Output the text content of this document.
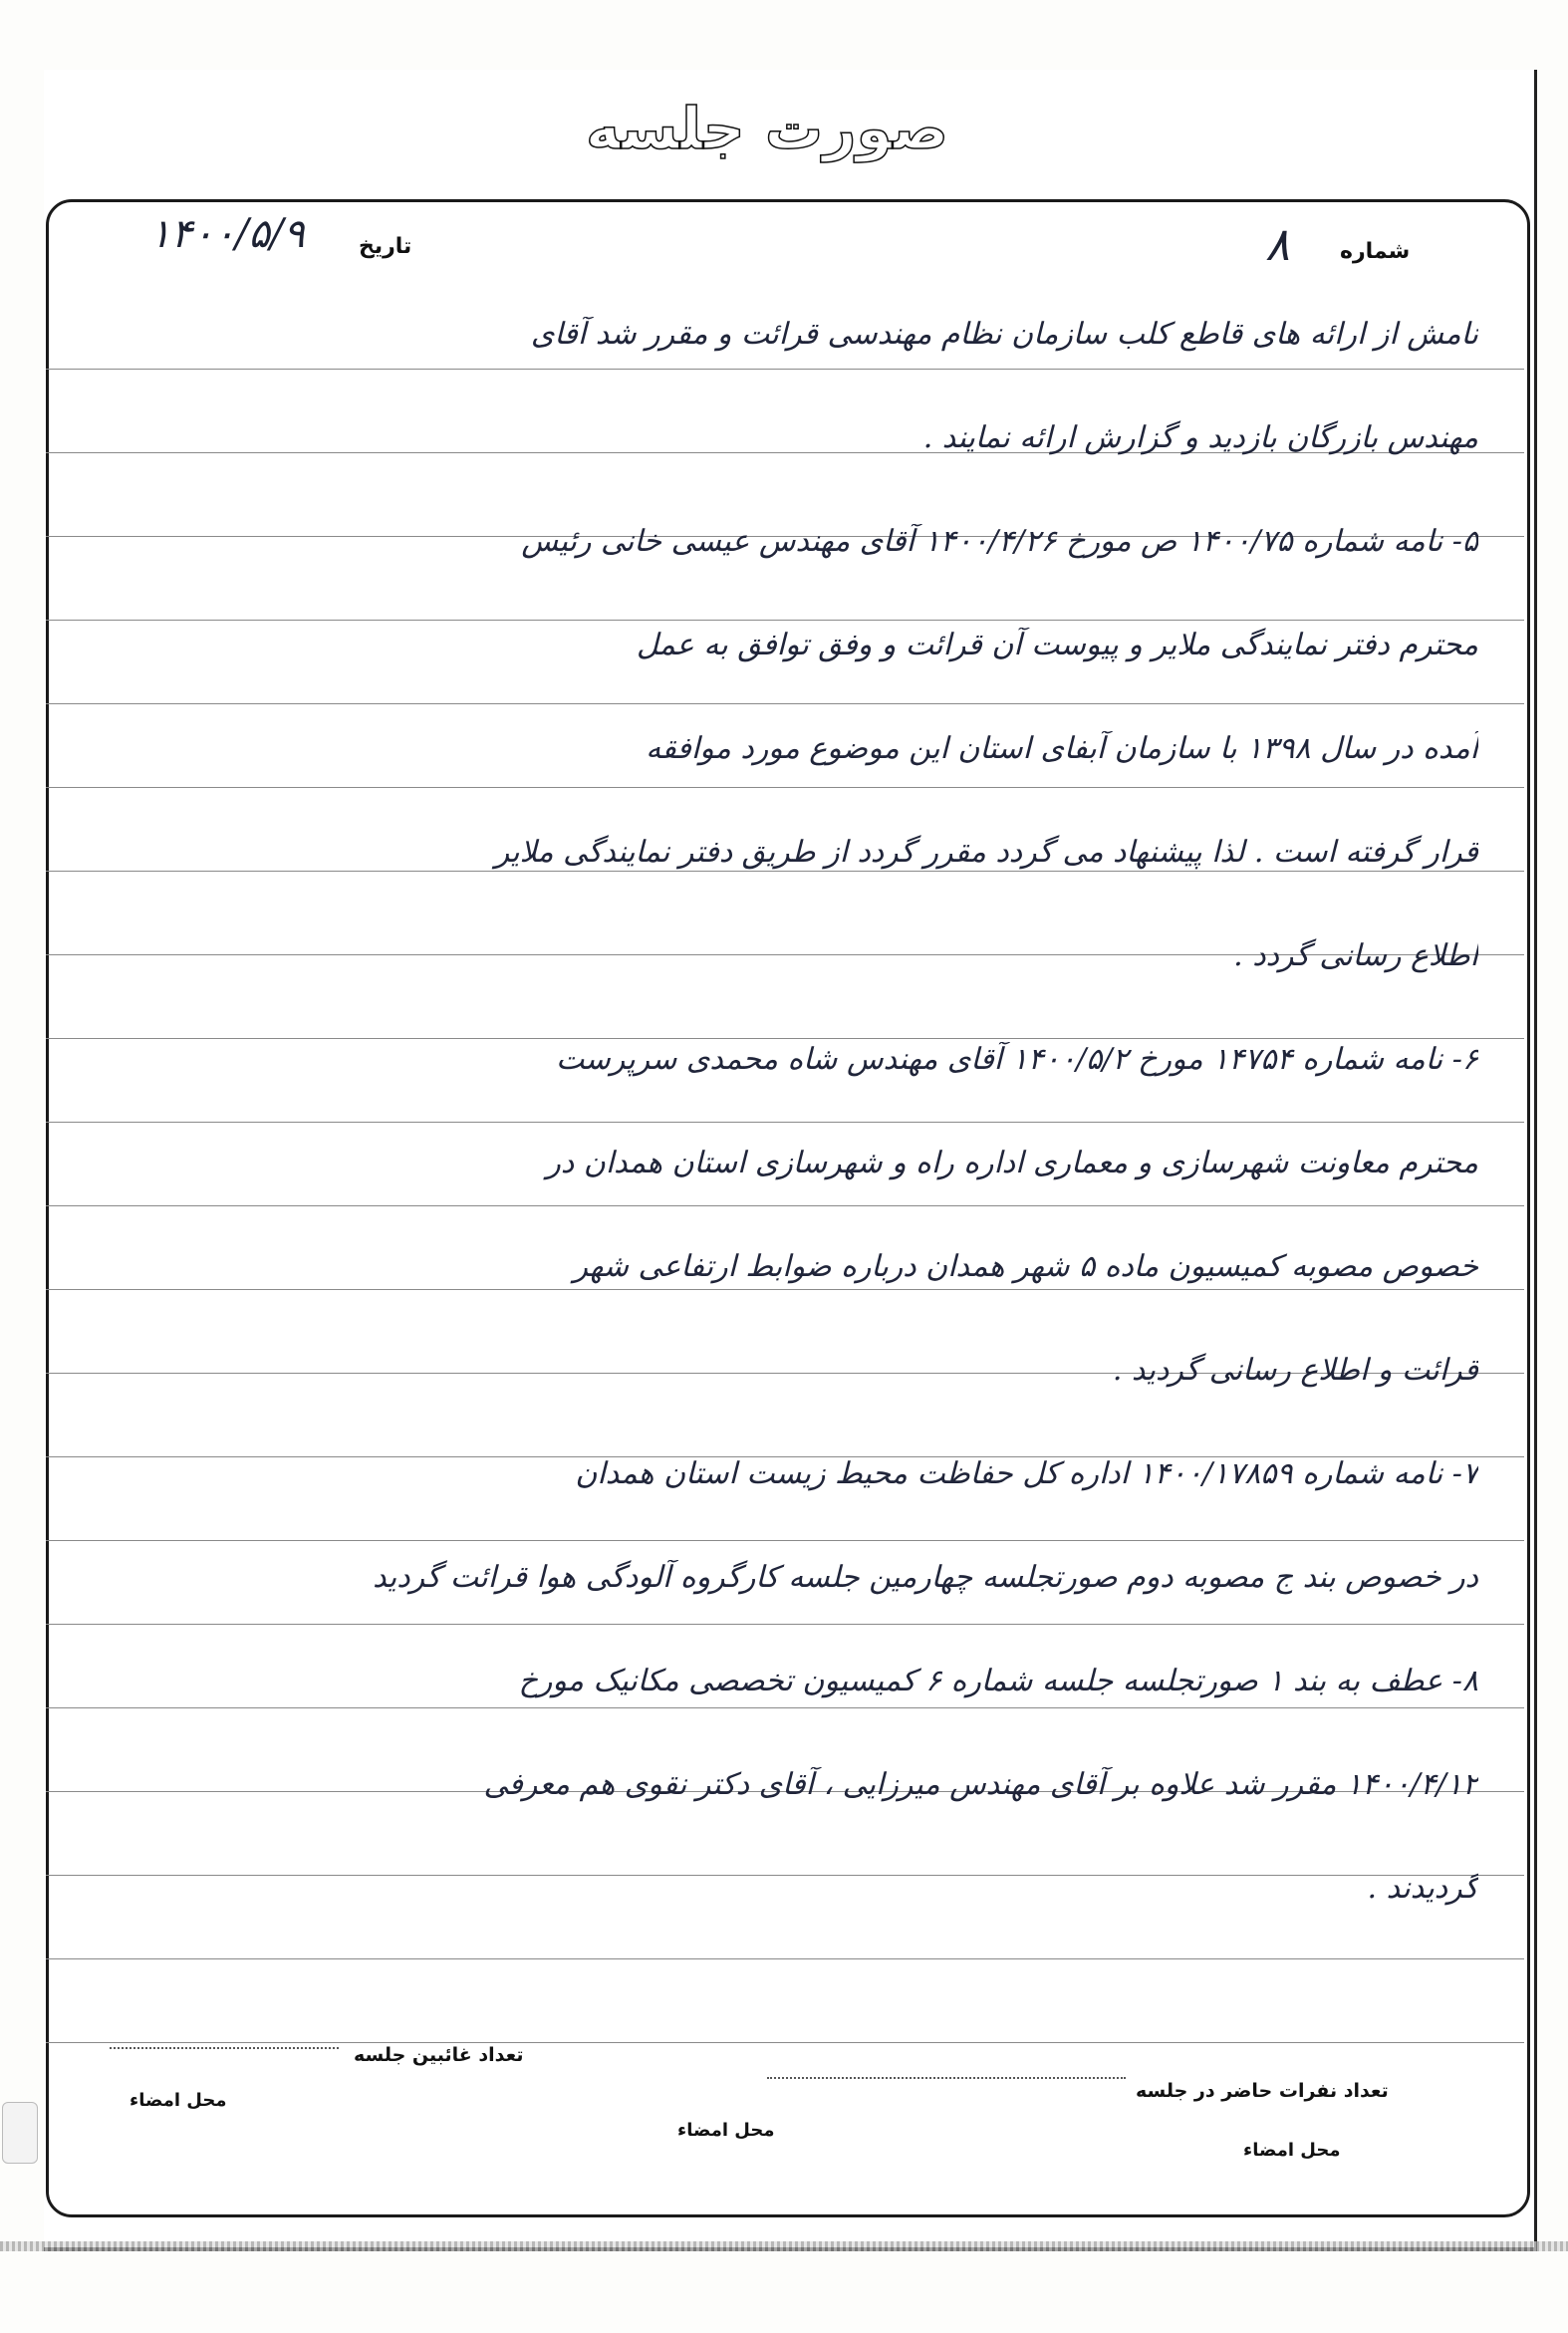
صورت جلسه
شماره
۸
تاریخ
۱۴۰۰/۵/۹
نامش از ارائه های قاطع کلب سازمان نظام مهندسی قرائت و مقرر شد آقای
مهندس بازرگان بازدید و گزارش ارائه نمایند .
۵- نامه شماره ۱۴۰۰/۷۵ ص مورخ ۱۴۰۰/۴/۲۶ آقای مهندس عیسی خانی رئیس
محترم دفتر نمایندگی ملایر و پیوست آن قرائت و وفق توافق به عمل
آمده در سال ۱۳۹۸ با سازمان آبفای استان این موضوع مورد موافقه
قرار گرفته است . لذا پیشنهاد می گردد مقرر گردد از طریق دفتر نمایندگی ملایر
اطلاع رسانی گردد .
۶- نامه شماره ۱۴۷۵۴ مورخ ۱۴۰۰/۵/۲ آقای مهندس شاه محمدی سرپرست
محترم معاونت شهرسازی و معماری اداره راه و شهرسازی استان همدان در
خصوص مصوبه کمیسیون ماده ۵ شهر همدان درباره ضوابط ارتفاعی شهر
قرائت و اطلاع رسانی گردید .
۷- نامه شماره ۱۴۰۰/۱۷۸۵۹ اداره کل حفاظت محیط زیست استان همدان
در خصوص بند ج مصوبه دوم صورتجلسه چهارمین جلسه کارگروه آلودگی هوا قرائت گردید
۸- عطف به بند ۱ صورتجلسه جلسه شماره ۶ کمیسیون تخصصی مکانیک مورخ
۱۴۰۰/۴/۱۲ مقرر شد علاوه بر آقای مهندس میرزایی ، آقای دکتر نقوی هم معرفی
گردیدند .
تعداد نفرات حاضر در جلسه
تعداد غائبین جلسه
محل امضاء
محل امضاء
محل امضاء
